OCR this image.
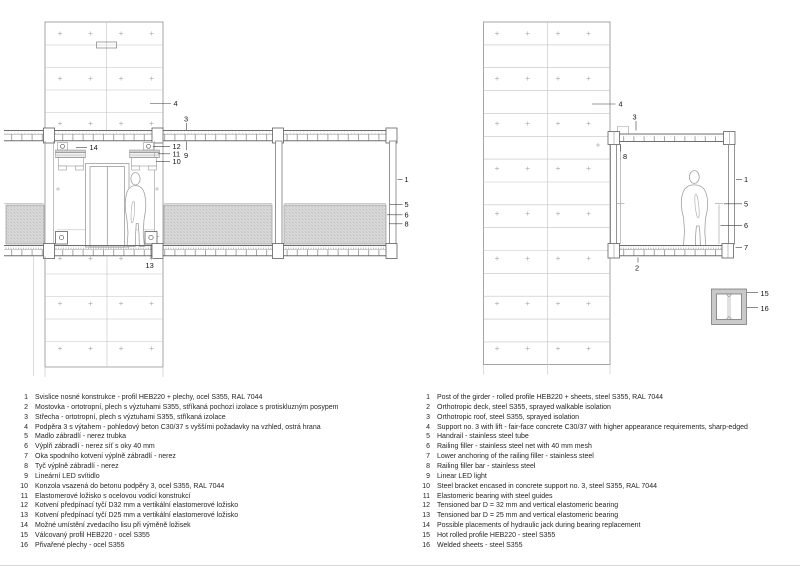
4
3
9
12
11
10
14
13
1
5
6
8
4
3
8
1
5
6
7
2
15
16
1 Svislice nosné konstrukce - profil HEB220 + plechy, ocel S355, RAL 7044
2 Mostovka - ortotropní, plech s výztuhami S355, stříkaná pochozí izolace s protiskluzným posypem
3 Střecha - ortotropní, plech s výztuhami S355, stříkaná izolace
4 Podpěra 3 s výtahem - pohledový beton C30/37 s vyššími požadavky na vzhled, ostrá hrana
5 Madlo zábradlí - nerez trubka
6 Výplň zábradlí - nerez síť s oky 40 mm
7 Oka spodního kotvení výplně zábradlí - nerez
8 Tyč výplně zábradlí - nerez
9 Lineární LED svítidlo
10 Konzola vsazená do betonu podpěry 3, ocel S355, RAL 7044
11 Elastomerové ložisko s ocelovou vodicí konstrukcí
12 Kotvení předpínací tyčí D32 mm a vertikální elastomerové ložisko
13 Kotvení předpínací tyčí D25 mm a vertikální elastomerové ložisko
14 Možné umístění zvedacího lisu při výměně ložisek
15 Válcovaný profil HEB220 - ocel S355
16 Přivařené plechy - ocel S355
1 Post of the girder - rolled profile HEB220 + sheets, steel S355, RAL 7044
2 Orthotropic deck, steel S355, sprayed walkable isolation
3 Orthotropic roof, steel S355, sprayed isolation
4 Support no. 3 with lift - fair-face concrete C30/37 with higher appearance requirements, sharp-edged
5 Handrail - stainless steel tube
6 Railing filler - stainless steel net with 40 mm mesh
7 Lower anchoring of the railing filler - stainless steel
8 Railing filler bar - stainless steel
9 Linear LED light
10 Steel bracket encased in concrete support no. 3, steel S355, RAL 7044
11 Elastomeric bearing with steel guides
12 Tensioned bar D = 32 mm and vertical elastomeric bearing
13 Tensioned bar D = 25 mm and vertical elastomeric bearing
14 Possible placements of hydraulic jack during bearing replacement
15 Hot rolled profile HEB220 - steel S355
16 Welded sheets - steel S355
